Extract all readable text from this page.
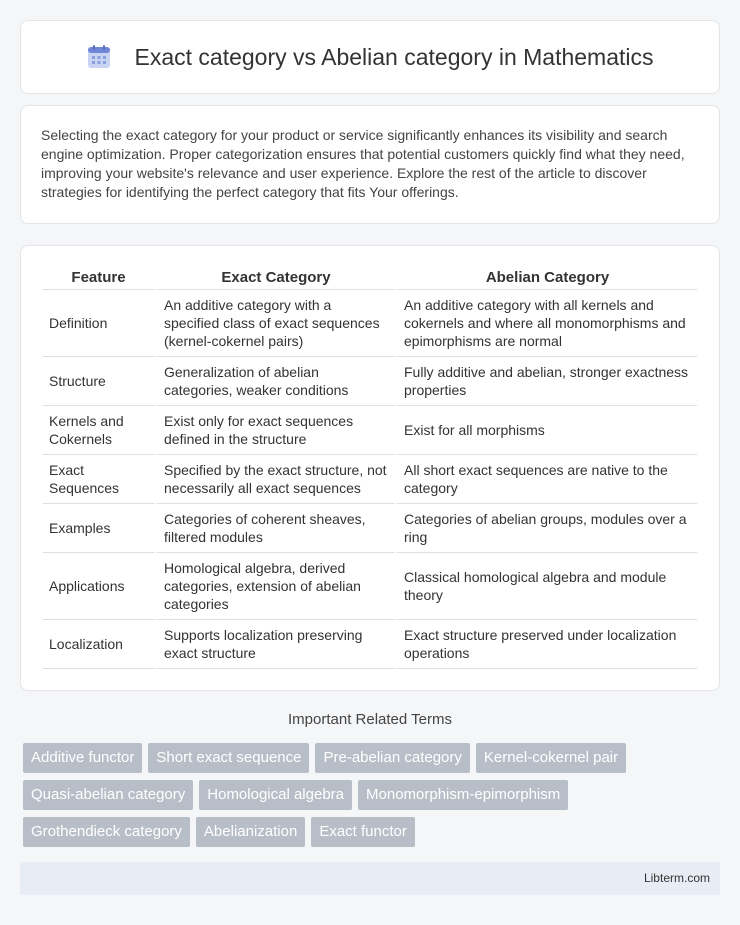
Exact category vs Abelian category in Mathematics

Selecting the exact category for your product or service significantly enhances its visibility and search engine optimization. Proper categorization ensures that potential customers quickly find what they need, improving your website's relevance and user experience. Explore the rest of the article to discover strategies for identifying the perfect category that fits Your offerings.

Feature	Exact Category	Abelian Category
Definition	An additive category with a specified class of exact sequences (kernel-cokernel pairs)	An additive category with all kernels and cokernels and where all monomorphisms and epimorphisms are normal
Structure	Generalization of abelian categories, weaker conditions	Fully additive and abelian, stronger exactness properties
Kernels and Cokernels	Exist only for exact sequences defined in the structure	Exist for all morphisms
Exact Sequences	Specified by the exact structure, not necessarily all exact sequences	All short exact sequences are native to the category
Examples	Categories of coherent sheaves, filtered modules	Categories of abelian groups, modules over a ring
Applications	Homological algebra, derived categories, extension of abelian categories	Classical homological algebra and module theory
Localization	Supports localization preserving exact structure	Exact structure preserved under localization operations
Important Related Terms
Additive functor	Short exact sequence	Pre-abelian category	Kernel-cokernel pair
Quasi-abelian category	Homological algebra	Monomorphism-epimorphism
Grothendieck category	Abelianization	Exact functor
Libterm.com
